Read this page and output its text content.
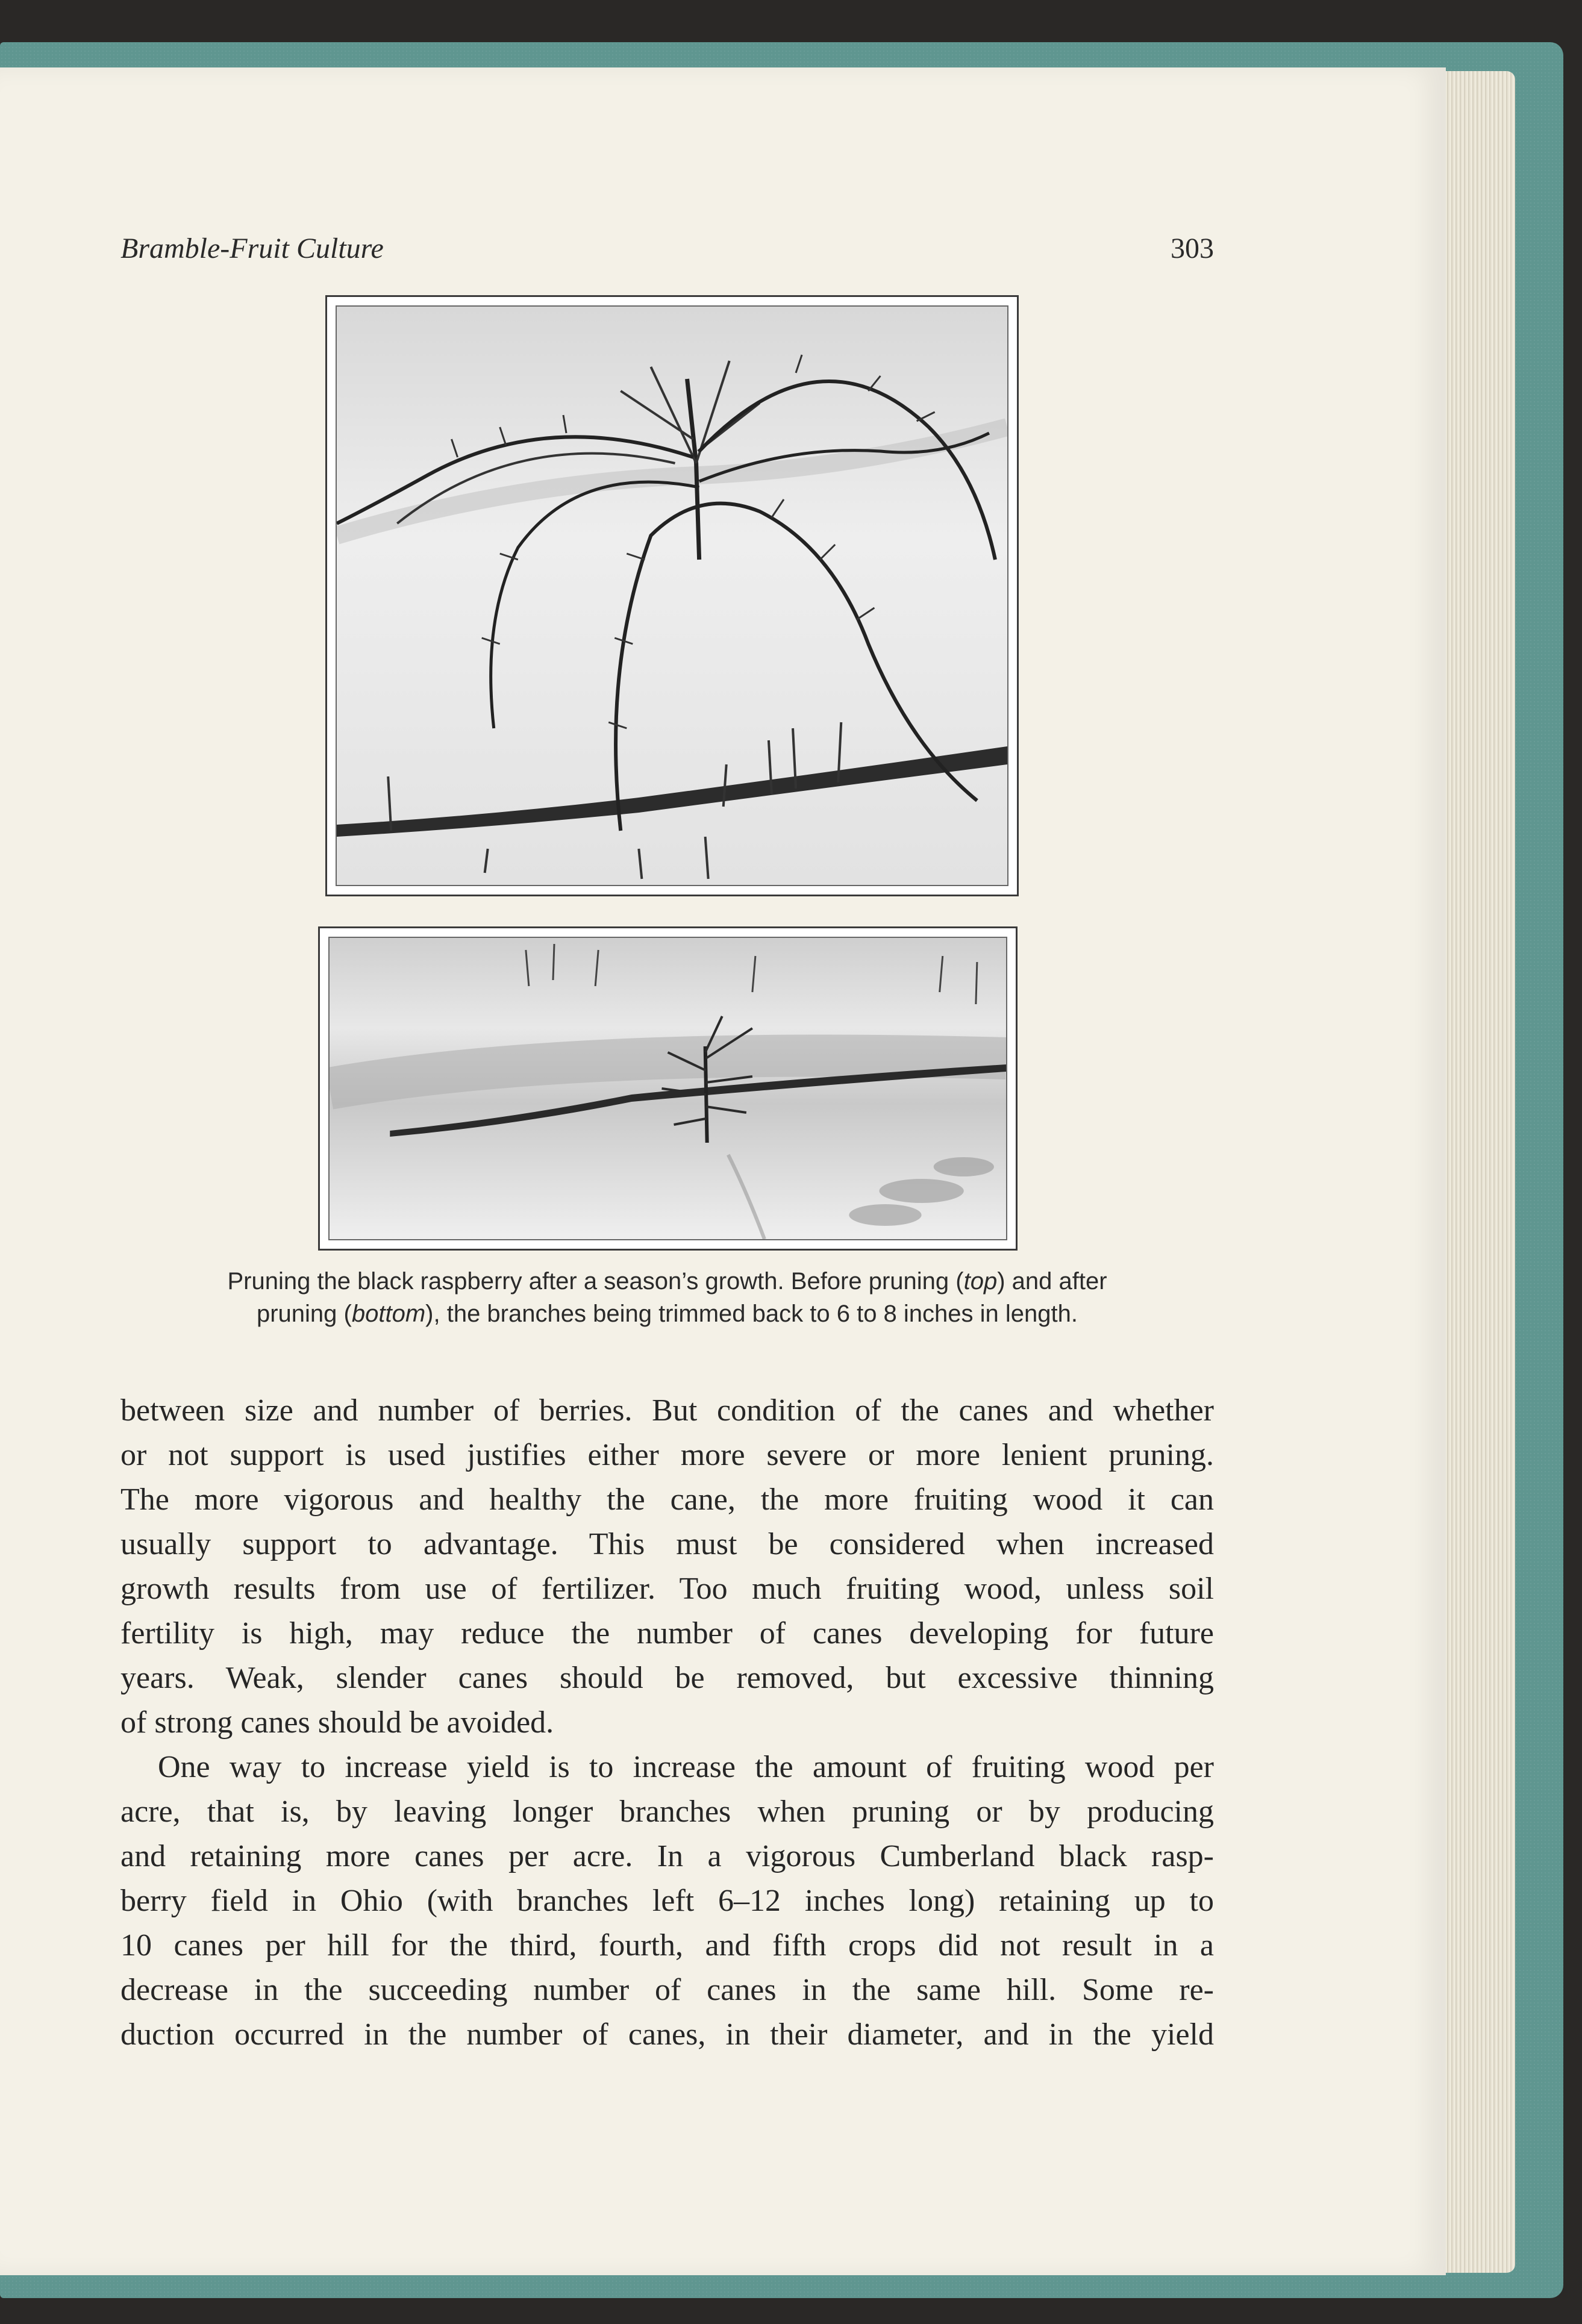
Bramble-Fruit Culture	303
Pruning the black raspberry after a season’s growth. Before pruning (top) and after
pruning (bottom), the branches being trimmed back to 6 to 8 inches in length.

between size and number of berries. But condition of the canes and whether
or not support is used justifies either more severe or more lenient pruning.
The more vigorous and healthy the cane, the more fruiting wood it can
usually support to advantage. This must be considered when increased
growth results from use of fertilizer. Too much fruiting wood, unless soil
fertility is high, may reduce the number of canes developing for future
years. Weak, slender canes should be removed, but excessive thinning
of strong canes should be avoided.

One way to increase yield is to increase the amount of fruiting wood per
acre, that is, by leaving longer branches when pruning or by producing
and retaining more canes per acre. In a vigorous Cumberland black rasp-
berry field in Ohio (with branches left 6–12 inches long) retaining up to
10 canes per hill for the third, fourth, and fifth crops did not result in a
decrease in the succeeding number of canes in the same hill. Some re-
duction occurred in the number of canes, in their diameter, and in the yield
